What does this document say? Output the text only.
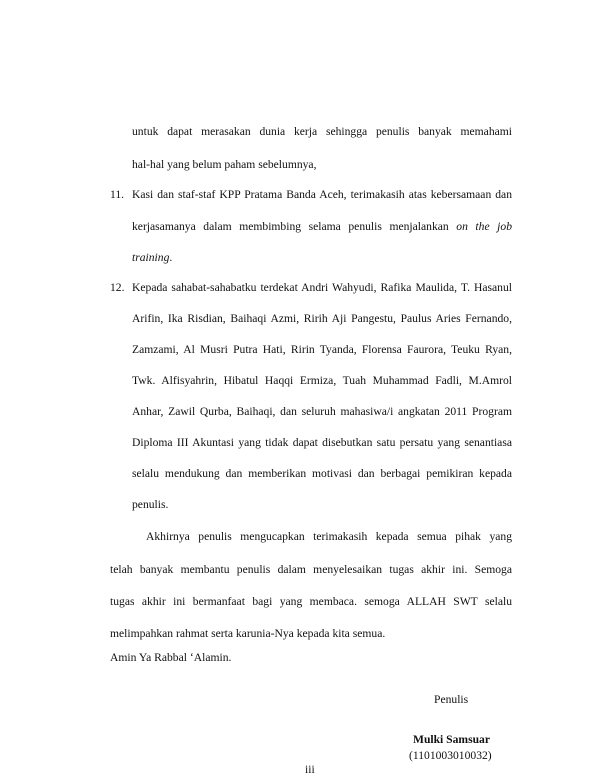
untuk dapat merasakan dunia kerja sehingga penulis banyak memahami
hal-hal yang belum paham sebelumnya,
11. Kasi dan staf-staf KPP Pratama Banda Aceh, terimakasih atas kebersamaan dan
kerjasamanya dalam membimbing selama penulis menjalankan on the job
training.
12. Kepada sahabat-sahabatku terdekat Andri Wahyudi, Rafika Maulida, T. Hasanul
Arifin, Ika Risdian, Baihaqi Azmi, Ririh Aji Pangestu, Paulus Aries Fernando,
Zamzami, Al Musri Putra Hati, Ririn Tyanda, Florensa Faurora, Teuku Ryan,
Twk. Alfisyahrin, Hibatul Haqqi Ermiza, Tuah Muhammad Fadli, M.Amrol
Anhar, Zawil Qurba, Baihaqi, dan seluruh mahasiwa/i angkatan 2011 Program
Diploma III Akuntasi yang tidak dapat disebutkan satu persatu yang senantiasa
selalu mendukung dan memberikan motivasi dan berbagai pemikiran kepada
penulis.
Akhirnya penulis mengucapkan terimakasih kepada semua pihak yang
telah banyak membantu penulis dalam menyelesaikan tugas akhir ini. Semoga
tugas akhir ini bermanfaat bagi yang membaca. semoga ALLAH SWT selalu
melimpahkan rahmat serta karunia-Nya kepada kita semua.
Amin Ya Rabbal ‘Alamin.
Penulis
Mulki Samsuar
(1101003010032)
iii
